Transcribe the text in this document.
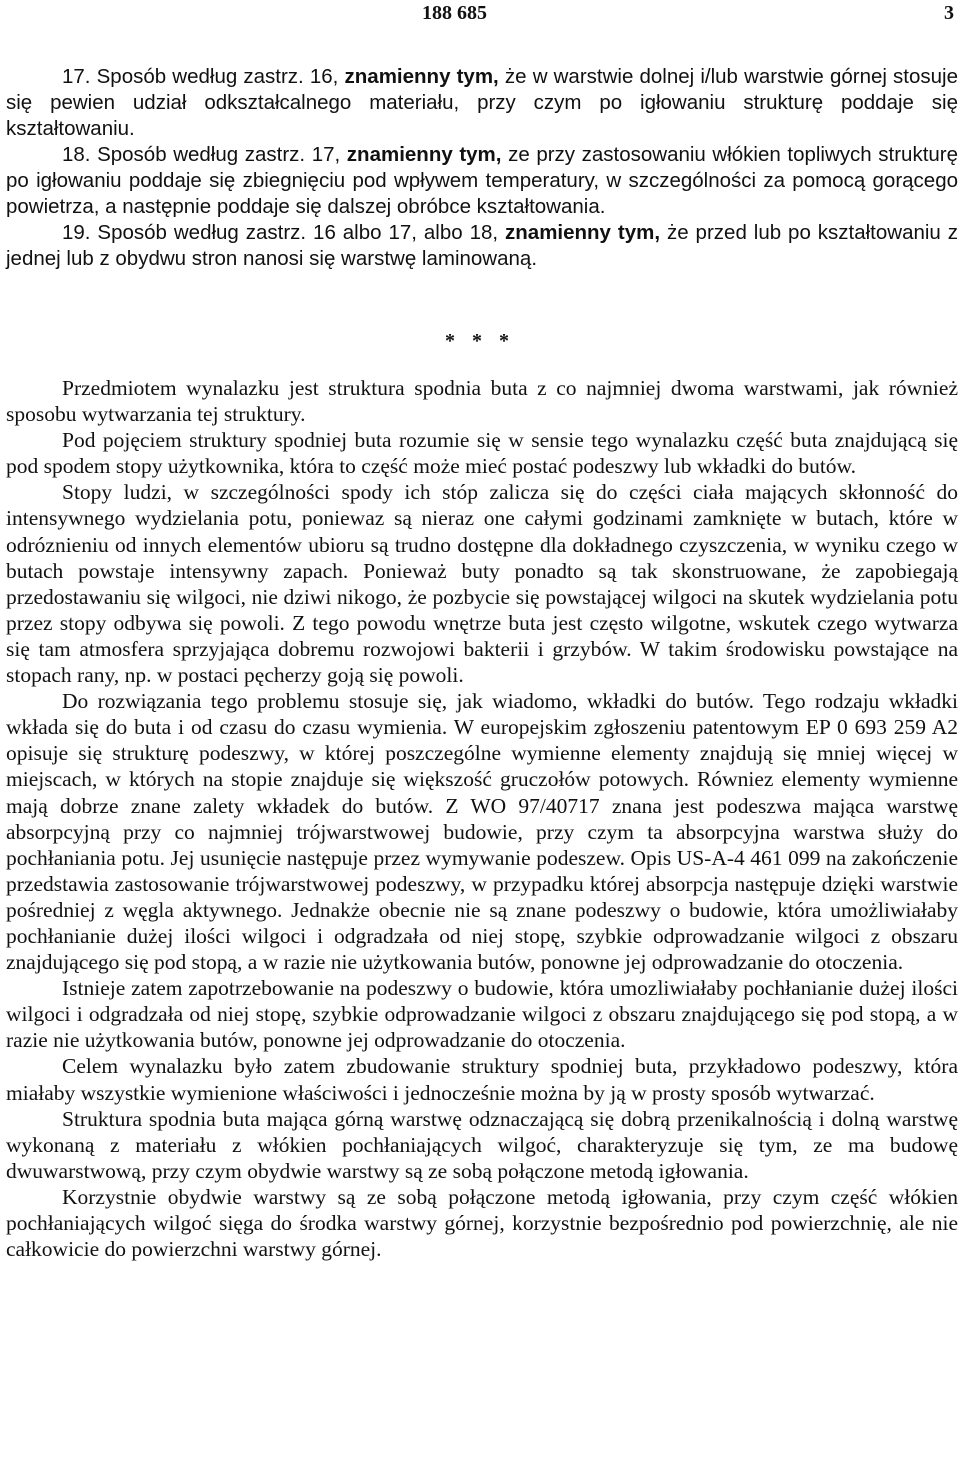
188 685	3

17. Sposób według zastrz. 16, znamienny tym, że w warstwie dolnej i/lub warstwie górnej stosuje się pewien udział odkształcalnego materiału, przy czym po igłowaniu strukturę poddaje się kształtowaniu.

18. Sposób według zastrz. 17, znamienny tym, ze przy zastosowaniu włókien topliwych strukturę po igłowaniu poddaje się zbiegnięciu pod wpływem temperatury, w szczególności za pomocą gorącego powietrza, a następnie poddaje się dalszej obróbce kształtowania.

19. Sposób według zastrz. 16 albo 17, albo 18, znamienny tym, że przed lub po kształtowaniu z jednej lub z obydwu stron nanosi się warstwę laminowaną.

* * *

Przedmiotem wynalazku jest struktura spodnia buta z co najmniej dwoma warstwami, jak również sposobu wytwarzania tej struktury.

Pod pojęciem struktury spodniej buta rozumie się w sensie tego wynalazku część buta znajdującą się pod spodem stopy użytkownika, która to część może mieć postać podeszwy lub wkładki do butów.

Stopy ludzi, w szczególności spody ich stóp zalicza się do części ciała mających skłonność do intensywnego wydzielania potu, poniewaz są nieraz one całymi godzinami zamknięte w butach, które w odróznieniu od innych elementów ubioru są trudno dostępne dla dokładnego czyszczenia, w wyniku czego w butach powstaje intensywny zapach. Ponieważ buty ponadto są tak skonstruowane, że zapobiegają przedostawaniu się wilgoci, nie dziwi nikogo, że pozbycie się powstającej wilgoci na skutek wydzielania potu przez stopy odbywa się powoli. Z tego powodu wnętrze buta jest często wilgotne, wskutek czego wytwarza się tam atmosfera sprzyjająca dobremu rozwojowi bakterii i grzybów. W takim środowisku powstające na stopach rany, np. w postaci pęcherzy goją się powoli.

Do rozwiązania tego problemu stosuje się, jak wiadomo, wkładki do butów. Tego rodzaju wkładki wkłada się do buta i od czasu do czasu wymienia. W europejskim zgłoszeniu patentowym EP 0 693 259 A2 opisuje się strukturę podeszwy, w której poszczególne wymienne elementy znajdują się mniej więcej w miejscach, w których na stopie znajduje się większość gruczołów potowych. Równiez elementy wymienne mają dobrze znane zalety wkładek do butów. Z WO 97/40717 znana jest podeszwa mająca warstwę absorpcyjną przy co najmniej trójwarstwowej budowie, przy czym ta absorpcyjna warstwa służy do pochłaniania potu. Jej usunięcie następuje przez wymywanie podeszew. Opis US-A-4 461 099 na zakończenie przedstawia zastosowanie trójwarstwowej podeszwy, w przypadku której absorpcja następuje dzięki warstwie pośredniej z węgla aktywnego. Jednakże obecnie nie są znane podeszwy o budowie, która umożliwiałaby pochłanianie dużej ilości wilgoci i odgradzała od niej stopę, szybkie odprowadzanie wilgoci z obszaru znajdującego się pod stopą, a w razie nie użytkowania butów, ponowne jej odprowadzanie do otoczenia.

Istnieje zatem zapotrzebowanie na podeszwy o budowie, która umozliwiałaby pochłanianie dużej ilości wilgoci i odgradzała od niej stopę, szybkie odprowadzanie wilgoci z obszaru znajdującego się pod stopą, a w razie nie użytkowania butów, ponowne jej odprowadzanie do otoczenia.

Celem wynalazku było zatem zbudowanie struktury spodniej buta, przykładowo podeszwy, która miałaby wszystkie wymienione właściwości i jednocześnie można by ją w prosty sposób wytwarzać.

Struktura spodnia buta mająca górną warstwę odznaczającą się dobrą przenikalnością i dolną warstwę wykonaną z materiału z włókien pochłaniających wilgoć, charakteryzuje się tym, ze ma budowę dwuwarstwową, przy czym obydwie warstwy są ze sobą połączone metodą igłowania.

Korzystnie obydwie warstwy są ze sobą połączone metodą igłowania, przy czym część włókien pochłaniających wilgoć sięga do środka warstwy górnej, korzystnie bezpośrednio pod powierzchnię, ale nie całkowicie do powierzchni warstwy górnej.
